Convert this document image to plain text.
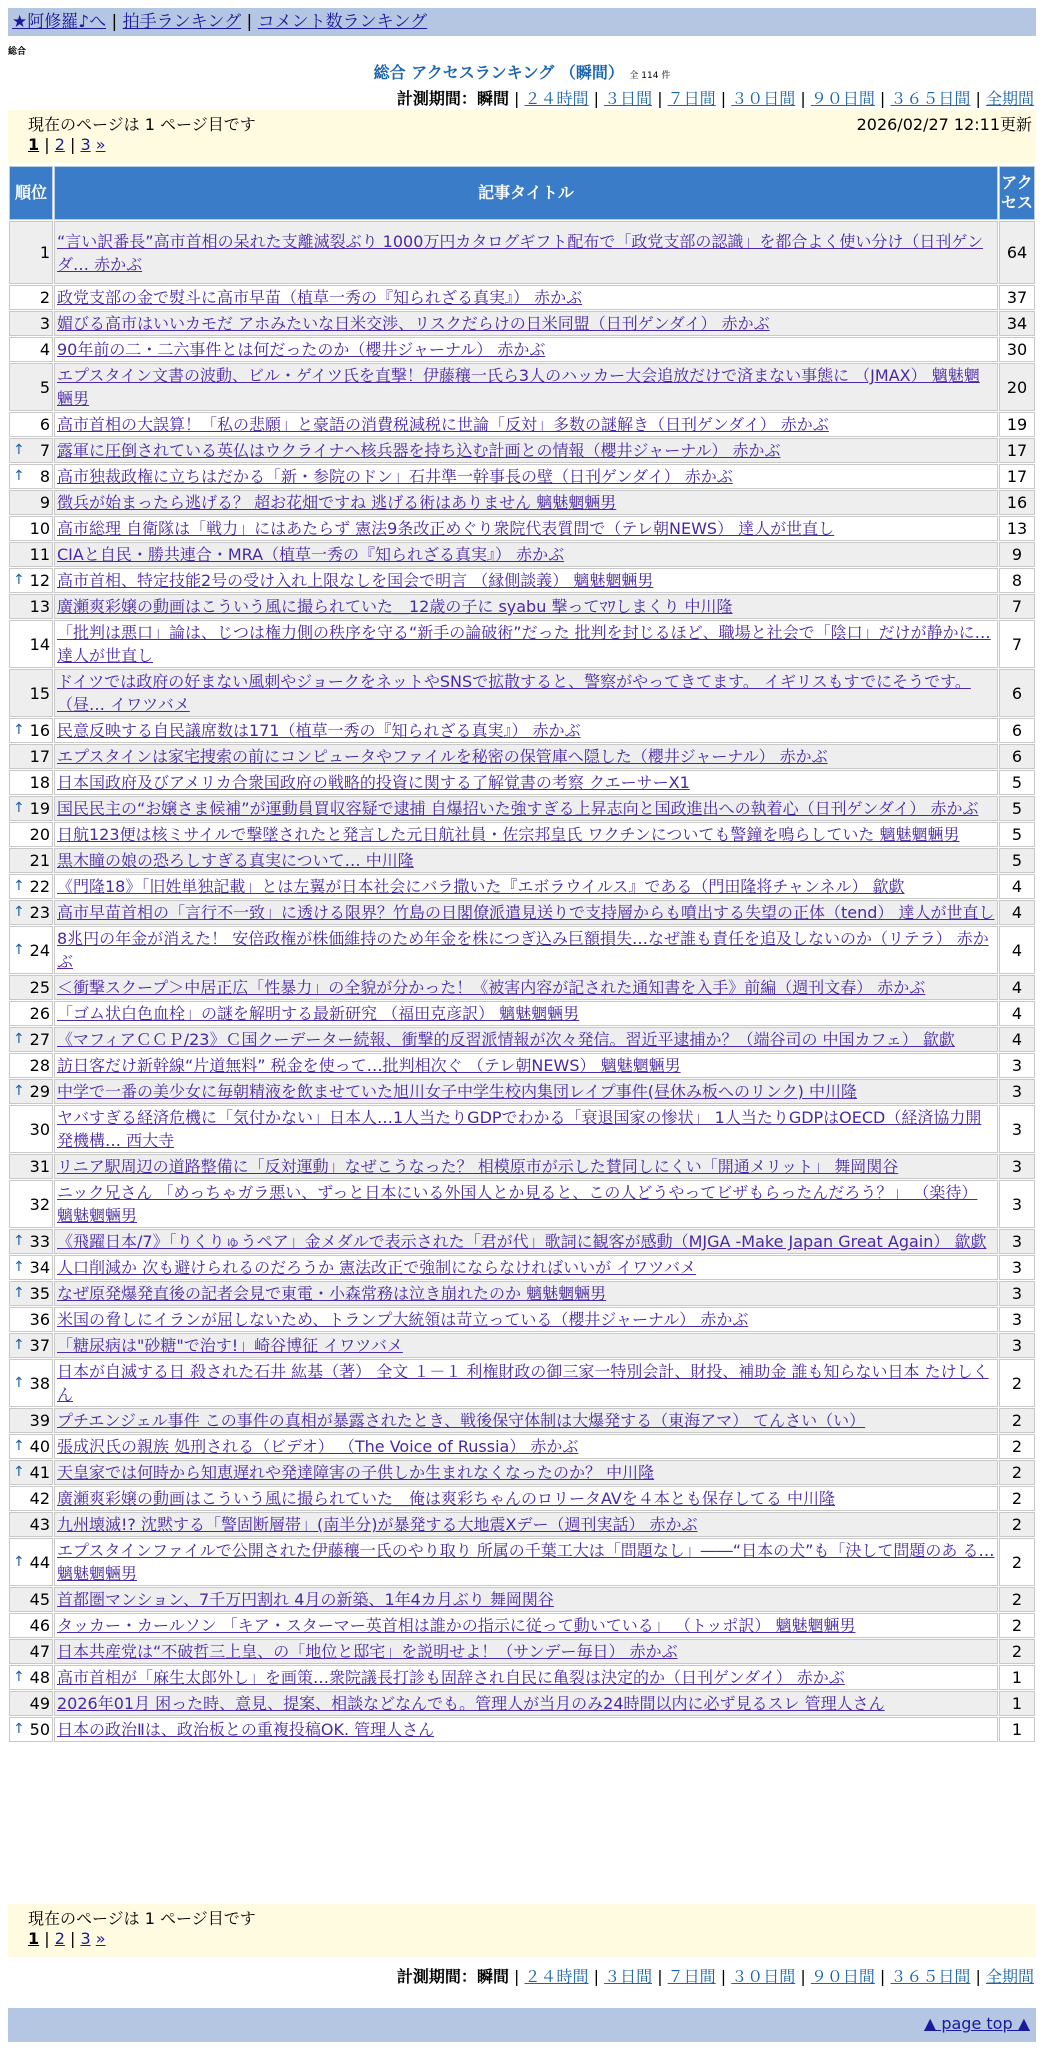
★阿修羅♪へ | 拍手ランキング | コメント数ランキング
総合
総合 アクセスランキング （瞬間） 全 114 件
計測期間：瞬間 | ２４時間 | ３日間 | ７日間 | ３０日間 | ９０日間 | ３６５日間 | 全期間
現在のページは 1 ページ目です	2026/02/27 12:11更新
1 | 2 | 3 »
順位	記事タイトル	アクセス
1	“言い訳番長”高市首相の呆れた支離滅裂ぶり 1000万円カタログギフト配布で「政党支部の認識」を都合よく使い分け（日刊ゲンダ… 赤かぶ	64
2	政党支部の金で熨斗に高市早苗（植草一秀の『知られざる真実』） 赤かぶ	37
3	媚びる高市はいいカモだ アホみたいな日米交渉、リスクだらけの日米同盟（日刊ゲンダイ） 赤かぶ	34
4	90年前の二・二六事件とは何だったのか（櫻井ジャーナル） 赤かぶ	30
5	エプスタイン文書の波動、ビル・ゲイツ氏を直撃！伊藤穰一氏ら3人のハッカー大会追放だけで済まない事態に （JMAX） 魑魅魍魎男	20
6	高市首相の大誤算！「私の悲願」と豪語の消費税減税に世論「反対」多数の謎解き（日刊ゲンダイ） 赤かぶ	19

↑ 7	露軍に圧倒されている英仏はウクライナへ核兵器を持ち込む計画との情報（櫻井ジャーナル） 赤かぶ	17

↑ 8	高市独裁政権に立ちはだかる「新・参院のドン」石井準一幹事長の壁（日刊ゲンダイ） 赤かぶ	17
9	徴兵が始まったら逃げる？ 超お花畑ですね 逃げる術はありません 魑魅魍魎男	16
10	高市総理 自衛隊は「戦力」にはあたらず 憲法9条改正めぐり衆院代表質問で（テレ朝NEWS） 達人が世直し	13
11	CIAと自民・勝共連合・MRA（植草一秀の『知られざる真実』） 赤かぶ	9

↑ 12	高市首相、特定技能2号の受け入れ上限なしを国会で明言 （縁側談義） 魑魅魍魎男	8
13	廣瀬爽彩嬢の動画はこういう風に撮られていた＿12歳の子に syabu 撃ってﾏﾜしまくり 中川隆	7
14	「批判は悪口」論は、じつは権力側の秩序を守る“新手の論破術”だった 批判を封じるほど、職場と社会で「陰口」だけが静かに… 達人が世直し	7
15	ドイツでは政府の好まない風刺やジョークをネットやSNSで拡散すると、警察がやってきてます。 イギリスもすでにそうです。（昼… イワツバメ	6

↑ 16	民意反映する自民議席数は171（植草一秀の『知られざる真実』） 赤かぶ	6
17	エプスタインは家宅捜索の前にコンピュータやファイルを秘密の保管庫へ隠した（櫻井ジャーナル） 赤かぶ	6
18	日本国政府及びアメリカ合衆国政府の戦略的投資に関する了解覚書の考察 クエーサーX1	5

↑ 19	国民民主の“お嬢さま候補”が運動員買収容疑で逮捕 自爆招いた強すぎる上昇志向と国政進出への執着心（日刊ゲンダイ） 赤かぶ	5
20	日航123便は核ミサイルで撃墜されたと発言した元日航社員・佐宗邦皇氏 ワクチンについても警鐘を鳴らしていた 魑魅魍魎男	5
21	黒木瞳の娘の恐ろしすぎる真実について… 中川隆	5

↑ 22	《門隆18》「旧姓単独記載」とは左翼が日本社会にバラ撒いた『エボラウイルス』である（門田隆将チャンネル） 歙歔	4

↑ 23	高市早苗首相の「言行不一致」に透ける限界？竹島の日閣僚派遣見送りで支持層からも噴出する失望の正体（tend） 達人が世直し	4

↑ 24	8兆円の年金が消えた！ 安倍政権が株価維持のため年金を株につぎ込み巨額損失…なぜ誰も責任を追及しないのか（リテラ） 赤かぶ	4
25	＜衝撃スクープ＞中居正広「性暴力」の全貌が分かった！《被害内容が記された通知書を入手》前編（週刊文春） 赤かぶ	4
26	「ゴム状白色血栓」の謎を解明する最新研究 （福田克彦訳） 魑魅魍魎男	4

↑ 27	《マフィアＣＣＰ/23》Ｃ国クーデーター続報、衝撃的反習派情報が次々発信。習近平逮捕か？（端谷司の 中国カフェ） 歙歔	4
28	訪日客だけ新幹線“片道無料” 税金を使って…批判相次ぐ （テレ朝NEWS） 魑魅魍魎男	3

↑ 29	中学で一番の美少女に毎朝精液を飲ませていた旭川女子中学生校内集団レイプ事件(昼休み板へのリンク) 中川隆	3
30	ヤバすぎる経済危機に「気付かない」日本人…1人当たりGDPでわかる「衰退国家の惨状」 1人当たりGDPはOECD（経済協力開発機構… 西大寺	3
31	リニア駅周辺の道路整備に「反対運動」なぜこうなった？ 相模原市が示した賛同しにくい「開通メリット」 舞岡関谷	3
32	ニック兄さん 「めっちゃガラ悪い、ずっと日本にいる外国人とか見ると、この人どうやってビザもらったんだろう？」 （楽待） 魑魅魍魎男	3

↑ 33	《飛躍日本/7》「りくりゅうペア」金メダルで表示された「君が代」歌詞に観客が感動（MJGA -Make Japan Great Again） 歙歔	3

↑ 34	人口削減か 次も避けられるのだろうか 憲法改正で強制にならなければいいが イワツバメ	3

↑ 35	なぜ原発爆発直後の記者会見で東電・小森常務は泣き崩れたのか 魑魅魍魎男	3
36	米国の脅しにイランが屈しないため、トランプ大統領は苛立っている（櫻井ジャーナル） 赤かぶ	3

↑ 37	「糖尿病は"砂糖"で治す!」崎谷博征 イワツバメ	3

↑ 38	日本が自滅する日 殺された石井 紘基（著） 全文 １－１ 利権財政の御三家一特別会計、財投、補助金 誰も知らない日本 たけしくん	2
39	プチエンジェル事件 この事件の真相が暴露されたとき、戦後保守体制は大爆発する（東海アマ） てんさい（い）	2

↑ 40	張成沢氏の親族 処刑される（ビデオ） （The Voice of Russia） 赤かぶ	2

↑ 41	天皇家では何時から知恵遅れや発達障害の子供しか生まれなくなったのか？ 中川隆	2
42	廣瀬爽彩嬢の動画はこういう風に撮られていた＿俺は爽彩ちゃんのロリータAVを４本とも保存してる 中川隆	2
43	九州壊滅!? 沈黙する「警固断層帯」(南半分)が暴発する大地震Xデー（週刊実話） 赤かぶ	2

↑ 44	エプスタインファイルで公開された伊藤穰一氏のやり取り 所属の千葉工大は「問題なし」――“日本の犬”も「決して問題のあ る… 魑魅魍魎男	2
45	首都圏マンション、7千万円割れ 4月の新築、1年4カ月ぶり 舞岡関谷	2
46	タッカー・カールソン 「キア・スターマー英首相は誰かの指示に従って動いている」 （トッポ訳） 魑魅魍魎男	2
47	日本共産党は“不破哲三上皇、の「地位と邸宅」を説明せよ！（サンデー毎日） 赤かぶ	2

↑ 48	高市首相が「麻生太郎外し」を画策…衆院議長打診も固辞され自民に亀裂は決定的か（日刊ゲンダイ） 赤かぶ	1
49	2026年01月 困った時、意見、提案、相談などなんでも。管理人が当月のみ24時間以内に必ず見るスレ 管理人さん	1

↑ 50	日本の政治Ⅱは、政治板との重複投稿OK. 管理人さん	1
現在のページは 1 ページ目です
1 | 2 | 3 »
計測期間：瞬間 | ２４時間 | ３日間 | ７日間 | ３０日間 | ９０日間 | ３６５日間 | 全期間
▲ page top ▲
